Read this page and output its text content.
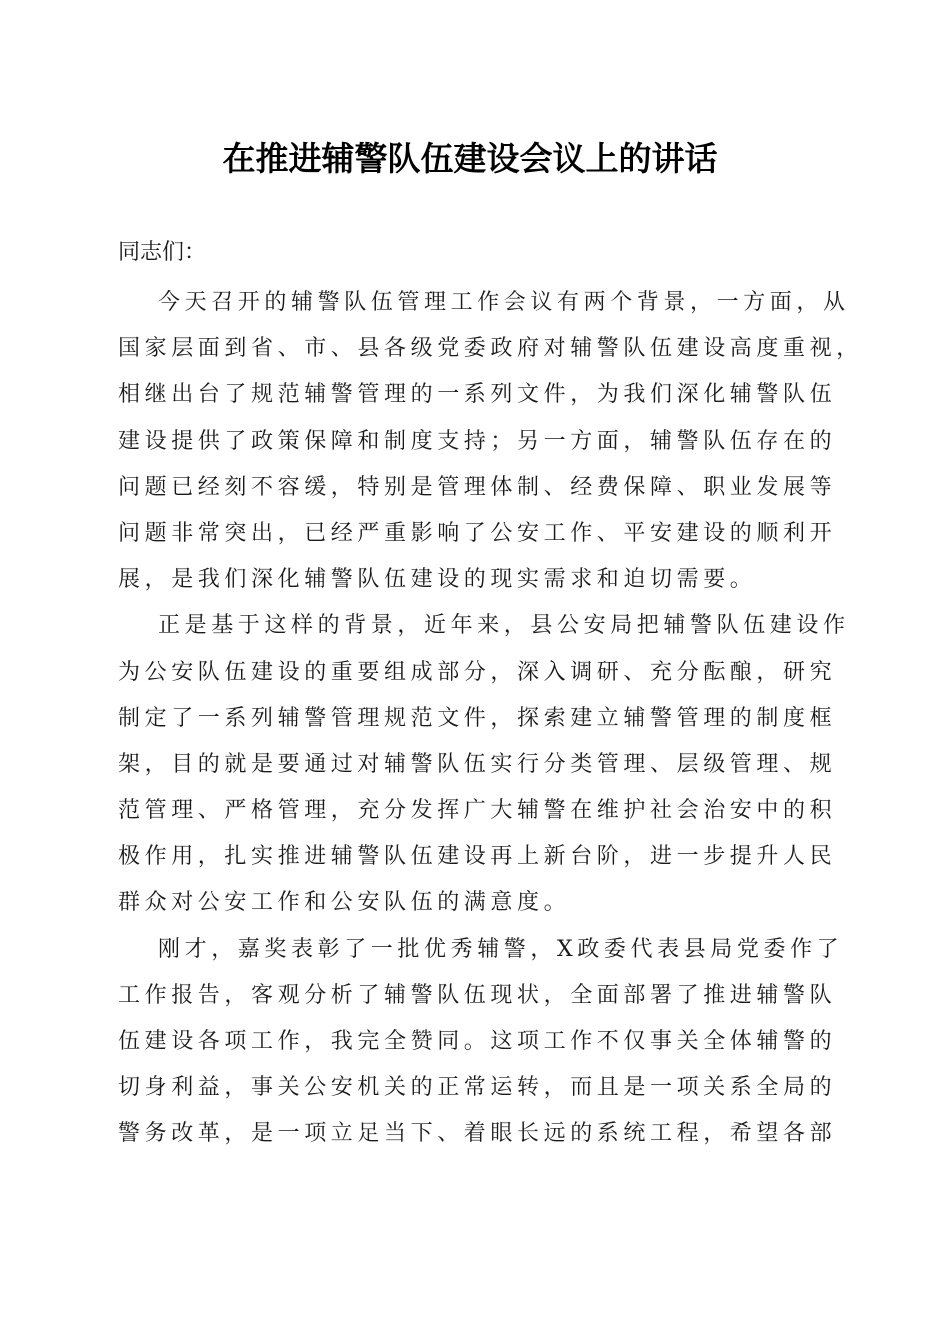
在推进辅警队伍建设会议上的讲话
同志们：
今天召开的辅警队伍管理工作会议有两个背景，一方面，从
国家层面到省、市、县各级党委政府对辅警队伍建设高度重视，
相继出台了规范辅警管理的一系列文件，为我们深化辅警队伍
建设提供了政策保障和制度支持；另一方面，辅警队伍存在的
问题已经刻不容缓，特别是管理体制、经费保障、职业发展等
问题非常突出，已经严重影响了公安工作、平安建设的顺利开
展，是我们深化辅警队伍建设的现实需求和迫切需要。
正是基于这样的背景，近年来，县公安局把辅警队伍建设作
为公安队伍建设的重要组成部分，深入调研、充分酝酿，研究
制定了一系列辅警管理规范文件，探索建立辅警管理的制度框
架，目的就是要通过对辅警队伍实行分类管理、层级管理、规
范管理、严格管理，充分发挥广大辅警在维护社会治安中的积
极作用，扎实推进辅警队伍建设再上新台阶，进一步提升人民
群众对公安工作和公安队伍的满意度。
刚才，嘉奖表彰了一批优秀辅警，X政委代表县局党委作了
工作报告，客观分析了辅警队伍现状，全面部署了推进辅警队
伍建设各项工作，我完全赞同。这项工作不仅事关全体辅警的
切身利益，事关公安机关的正常运转，而且是一项关系全局的
警务改革，是一项立足当下、着眼长远的系统工程，希望各部
